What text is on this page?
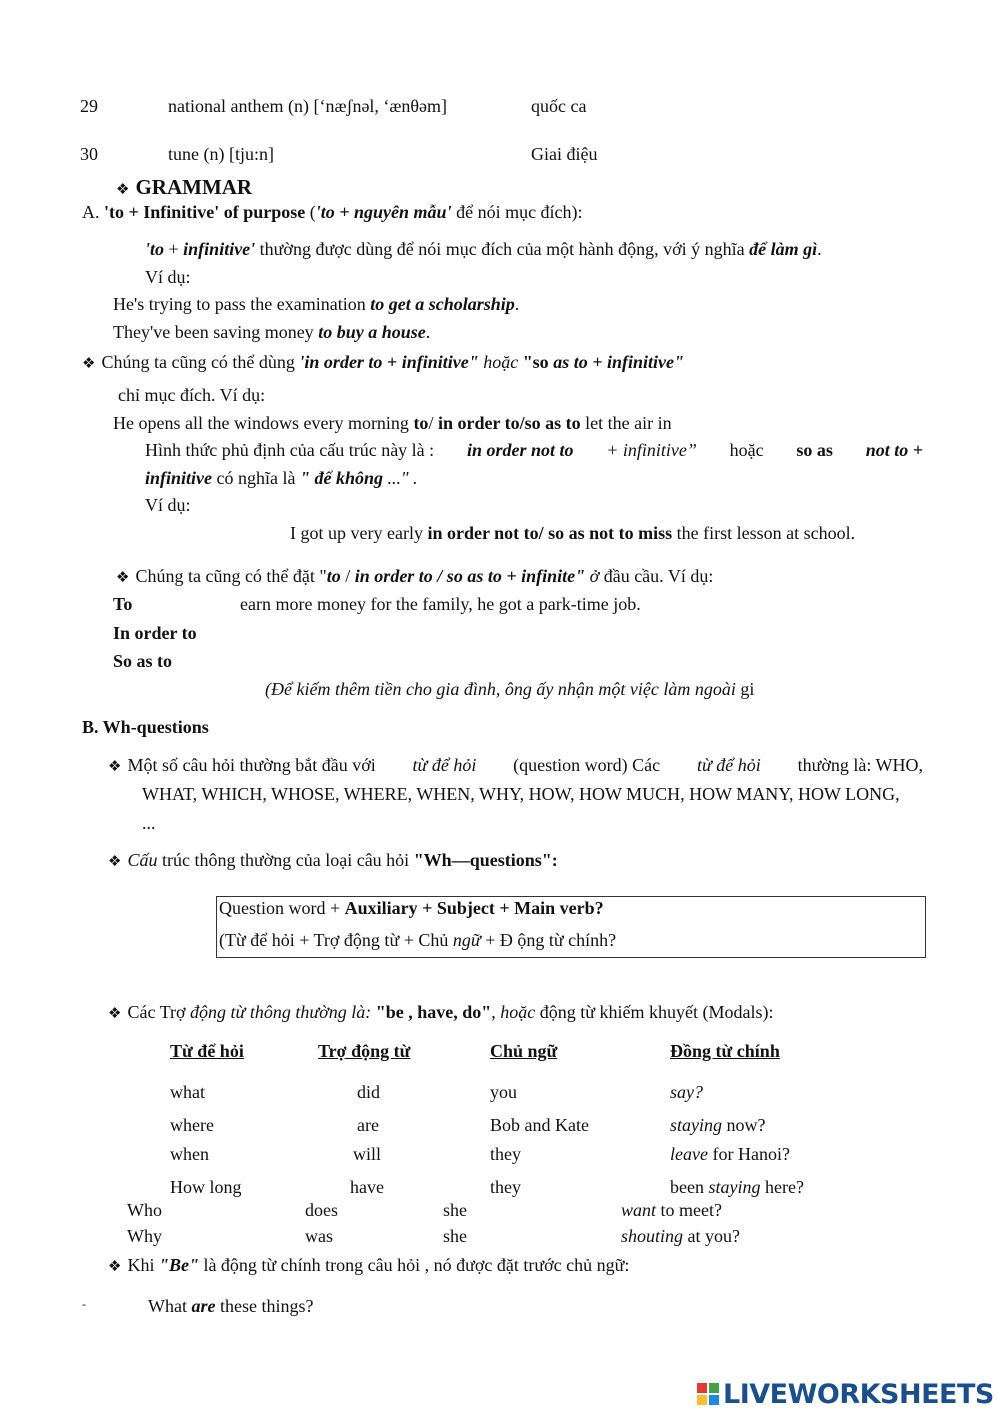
29	national anthem (n) [‘næʃnəl, ‘ænθəm]	quốc ca
30	tune (n) [tju:n]	Giai điệu
❖ GRAMMAR
A. 'to + Infinitive' of purpose ('to + nguyên mẫu' để nói mục đích):
'to + infinitive' thường được dùng để nói mục đích của một hành động, với ý nghĩa để làm gì.
Ví dụ:
He's trying to pass the examination to get a scholarship.
They've been saving money to buy a house.
❖ Chúng ta cũng có thể dùng 'in order to + infinitive" hoặc "so as to + infinitive"
chỉ mục đích. Ví dụ:
He opens all the windows every morning to/ in order to/so as to let the air in
Hình thức phủ định của cấu trúc này là : in order not to + infinitive” hoặc so as not to +
infinitive có nghĩa là " để không ..." .
Ví dụ:
I got up very early in order not to/ so as not to miss the first lesson at school.
❖ Chúng ta cũng có thể đặt "to / in order to / so as to + infinite" ở đầu cầu. Ví dụ:
To	earn more money for the family, he got a park-time job.
In order to
So as to
(Để kiếm thêm tiền cho gia đình, ông ấy nhận một việc làm ngoài gi
B. Wh-questions
❖ Một số câu hỏi thường bắt đầu với từ để hỏi (question word) Các từ để hỏi thường là: WHO,
WHAT, WHICH, WHOSE, WHERE, WHEN, WHY, HOW, HOW MUCH, HOW MANY, HOW LONG,
...
❖ Cấu trúc thông thường của loại câu hỏi "Wh—questions":
Question word + Auxiliary + Subject + Main verb?
(Từ để hỏi + Trợ động từ + Chủ ngữ + Đ ộng từ chính?
❖ Các Trợ động từ thông thường là: "be , have, do", hoặc động từ khiếm khuyết (Modals):
Từ để hỏi	Trợ động từ	Chủ ngữ	Đồng từ chính
what	did	you	say?
where	are	Bob and Kate	staying now?
when	will	they	leave for Hanoi?
How long	have	they	been staying here?
Who	does	she	want to meet?
Why	was	she	shouting at you?
❖ Khi "Be" là động từ chính trong câu hỏi , nó được đặt trước chủ ngữ:
-	What are these things?
LIVEWORKSHEETS
